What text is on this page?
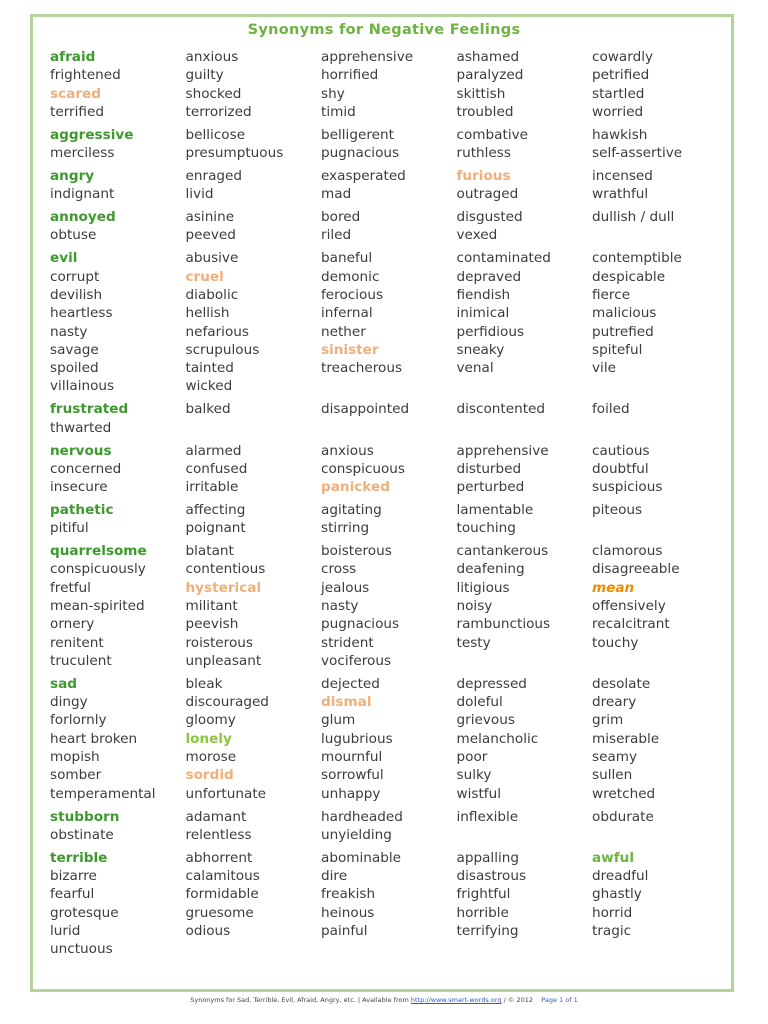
Synonyms for Negative Feelings
afraid	anxious	apprehensive	ashamed	cowardly
frightened	guilty	horrified	paralyzed	petrified
scared	shocked	shy	skittish	startled
terrified	terrorized	timid	troubled	worried
aggressive	bellicose	belligerent	combative	hawkish
merciless	presumptuous	pugnacious	ruthless	self-assertive
angry	enraged	exasperated	furious	incensed
indignant	livid	mad	outraged	wrathful
annoyed	asinine	bored	disgusted	dullish / dull
obtuse	peeved	riled	vexed
evil	abusive	baneful	contaminated	contemptible
corrupt	cruel	demonic	depraved	despicable
devilish	diabolic	ferocious	fiendish	fierce
heartless	hellish	infernal	inimical	malicious
nasty	nefarious	nether	perfidious	putrefied
savage	scrupulous	sinister	sneaky	spiteful
spoiled	tainted	treacherous	venal	vile
villainous	wicked
frustrated	balked	disappointed	discontented	foiled
thwarted
nervous	alarmed	anxious	apprehensive	cautious
concerned	confused	conspicuous	disturbed	doubtful
insecure	irritable	panicked	perturbed	suspicious
pathetic	affecting	agitating	lamentable	piteous
pitiful	poignant	stirring	touching
quarrelsome	blatant	boisterous	cantankerous	clamorous
conspicuously	contentious	cross	deafening	disagreeable
fretful	hysterical	jealous	litigious	mean
mean-spirited	militant	nasty	noisy	offensively
ornery	peevish	pugnacious	rambunctious	recalcitrant
renitent	roisterous	strident	testy	touchy
truculent	unpleasant	vociferous
sad	bleak	dejected	depressed	desolate
dingy	discouraged	dismal	doleful	dreary
forlornly	gloomy	glum	grievous	grim
heart broken	lonely	lugubrious	melancholic	miserable
mopish	morose	mournful	poor	seamy
somber	sordid	sorrowful	sulky	sullen
temperamental	unfortunate	unhappy	wistful	wretched
stubborn	adamant	hardheaded	inflexible	obdurate
obstinate	relentless	unyielding
terrible	abhorrent	abominable	appalling	awful
bizarre	calamitous	dire	disastrous	dreadful
fearful	formidable	freakish	frightful	ghastly
grotesque	gruesome	heinous	horrible	horrid
lurid	odious	painful	terrifying	tragic
unctuous
Synonyms for Sad, Terrible, Evil, Afraid, Angry, etc. | Available from http://www.smart-words.org / © 2012 Page 1 of 1
